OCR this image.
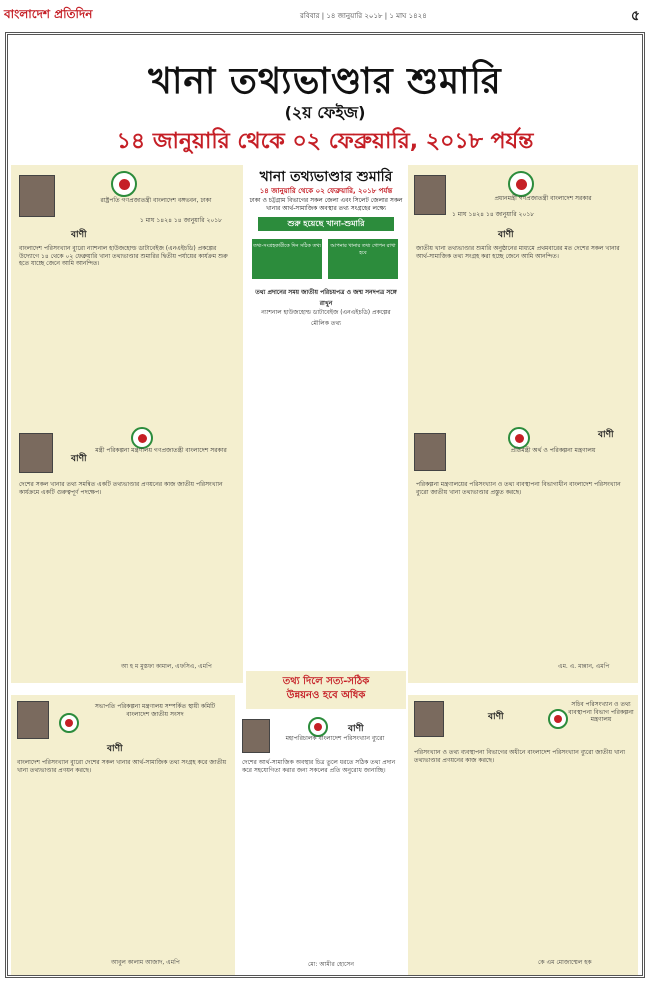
বাংলাদেশ প্রতিদিন	রবিবার | ১৪ জানুয়ারি ২০১৮ | ১ মাঘ ১৪২৪	৫
খানা তথ্যভাণ্ডার শুমারি
(২য় ফেইজ)
১৪ জানুয়ারি থেকে ০২ ফেব্রুয়ারি, ২০১৮ পর্যন্ত
রাষ্ট্রপতি গণপ্রজাতন্ত্রী বাংলাদেশ বঙ্গভবন, ঢাকা
১ মাঘ ১৪২৪ ১৪ জানুয়ারি ২০১৮
বাণী
বাংলাদেশ পরিসংখ্যান ব্যুরো ন্যাশনাল হাউজহোল্ড ডাটাবেইজ (এনএইচডি) প্রকল্পের উদ্যোগে ১৪ থেকে ০২ ফেব্রুয়ারি খানা তথ্যভাণ্ডার শুমারির দ্বিতীয় পর্যায়ের কার্যক্রম শুরু হতে যাচ্ছে জেনে আমি আনন্দিত।
খানা তথ্যভাণ্ডার শুমারি
১৪ জানুয়ারি থেকে ০২ ফেব্রুয়ারি, ২০১৮ পর্যন্ত
ঢাকা ও চট্টগ্রাম বিভাগের সকল জেলা এবং সিলেট জেলার সকল খানার আর্থ-সামাজিক অবস্থার তথ্য সংগ্রহের লক্ষ্যে
শুরু হয়েছে খানা-শুমারি
তথ্য-সংগ্রহকারীকে দিন সঠিক তথ্য	আপনার খানার তথ্য গোপন রাখা হবে
তথ্য প্রদানের সময় জাতীয় পরিচয়পত্র ও জন্ম সনদপত্র সঙ্গে রাখুন
ন্যাশনাল হাউজহোল্ড ডাটাবেইজ (এনএইচডি) প্রকল্পের মৌলিক তথ্য
প্রধানমন্ত্রী গণপ্রজাতন্ত্রী বাংলাদেশ সরকার
১ মাঘ ১৪২৪ ১৪ জানুয়ারি ২০১৮
বাণী
জাতীয় খানা তথ্যভাণ্ডার শুমারি অনুষ্ঠানের মাধ্যমে প্রথমবারের মত দেশের সকল খানার আর্থ-সামাজিক তথ্য সংগ্রহ করা হচ্ছে জেনে আমি আনন্দিত।
বাণী
মন্ত্রী পরিকল্পনা মন্ত্রণালয় গণপ্রজাতন্ত্রী বাংলাদেশ সরকার
দেশের সকল খানার তথ্য সমন্বিত একটি তথ্যভাণ্ডার প্রণয়নের কাজ জাতীয় পরিসংখ্যান কার্যক্রমে একটি গুরুত্বপূর্ণ পদক্ষেপ।
আ হ ম মুস্তফা কামাল, এফসিএ, এমপি
বাণী
প্রতিমন্ত্রী অর্থ ও পরিকল্পনা মন্ত্রণালয়
পরিকল্পনা মন্ত্রণালয়ের পরিসংখ্যান ও তথ্য ব্যবস্থাপনা বিভাগাধীন বাংলাদেশ পরিসংখ্যান ব্যুরো জাতীয় খানা তথ্যভাণ্ডার প্রস্তুত করছে।
এম. এ. মান্নান, এমপি
তথ্য দিলে সত্য-সঠিক
উন্নয়নও হবে অধিক
সভাপতি পরিকল্পনা মন্ত্রণালয় সম্পর্কিত স্থায়ী কমিটি বাংলাদেশ জাতীয় সংসদ
বাণী
বাংলাদেশ পরিসংখ্যান ব্যুরো দেশের সকল খানার আর্থ-সামাজিক তথ্য সংগ্রহ করে জাতীয় খানা তথ্যভাণ্ডার প্রণয়ন করছে।
আবুল কালাম আজাদ, এমপি
মহাপরিচালক বাংলাদেশ পরিসংখ্যান ব্যুরো
বাণী
দেশের আর্থ-সামাজিক অবস্থার চিত্র তুলে ধরতে সঠিক তথ্য প্রদান করে সহযোগিতা করার জন্য সকলের প্রতি অনুরোধ জানাচ্ছি।
মো: আমীর হোসেন
বাণী
সচিব পরিসংখ্যান ও তথ্য ব্যবস্থাপনা বিভাগ পরিকল্পনা মন্ত্রণালয়
পরিসংখ্যান ও তথ্য ব্যবস্থাপনা বিভাগের অধীনে বাংলাদেশ পরিসংখ্যান ব্যুরো জাতীয় খানা তথ্যভাণ্ডার প্রণয়নের কাজ করছে।
কে এম মোজাম্মেল হক
